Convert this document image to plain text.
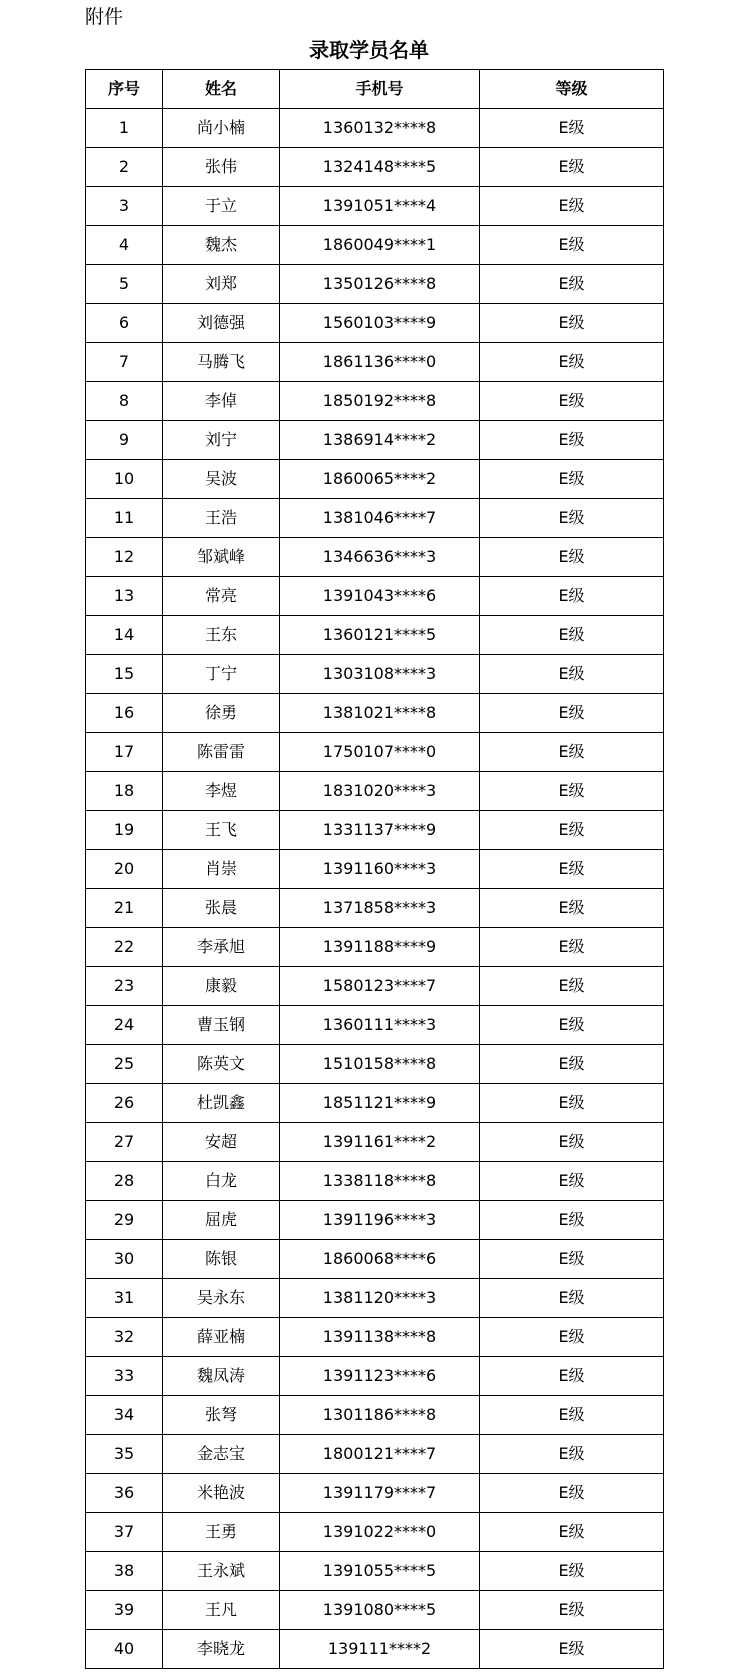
附件
录取学员名单
序号	姓名	手机号	等级
1	尚小楠	1360132****8	E级
2	张伟	1324148****5	E级
3	于立	1391051****4	E级
4	魏杰	1860049****1	E级
5	刘郑	1350126****8	E级
6	刘德强	1560103****9	E级
7	马腾飞	1861136****0	E级
8	李倬	1850192****8	E级
9	刘宁	1386914****2	E级
10	吴波	1860065****2	E级
11	王浩	1381046****7	E级
12	邹斌峰	1346636****3	E级
13	常亮	1391043****6	E级
14	王东	1360121****5	E级
15	丁宁	1303108****3	E级
16	徐勇	1381021****8	E级
17	陈雷雷	1750107****0	E级
18	李煜	1831020****3	E级
19	王飞	1331137****9	E级
20	肖崇	1391160****3	E级
21	张晨	1371858****3	E级
22	李承旭	1391188****9	E级
23	康毅	1580123****7	E级
24	曹玉钢	1360111****3	E级
25	陈英文	1510158****8	E级
26	杜凯鑫	1851121****9	E级
27	安超	1391161****2	E级
28	白龙	1338118****8	E级
29	屈虎	1391196****3	E级
30	陈银	1860068****6	E级
31	吴永东	1381120****3	E级
32	薛亚楠	1391138****8	E级
33	魏凤涛	1391123****6	E级
34	张弩	1301186****8	E级
35	金志宝	1800121****7	E级
36	米艳波	1391179****7	E级
37	王勇	1391022****0	E级
38	王永斌	1391055****5	E级
39	王凡	1391080****5	E级
40	李晓龙	139111****2	E级
